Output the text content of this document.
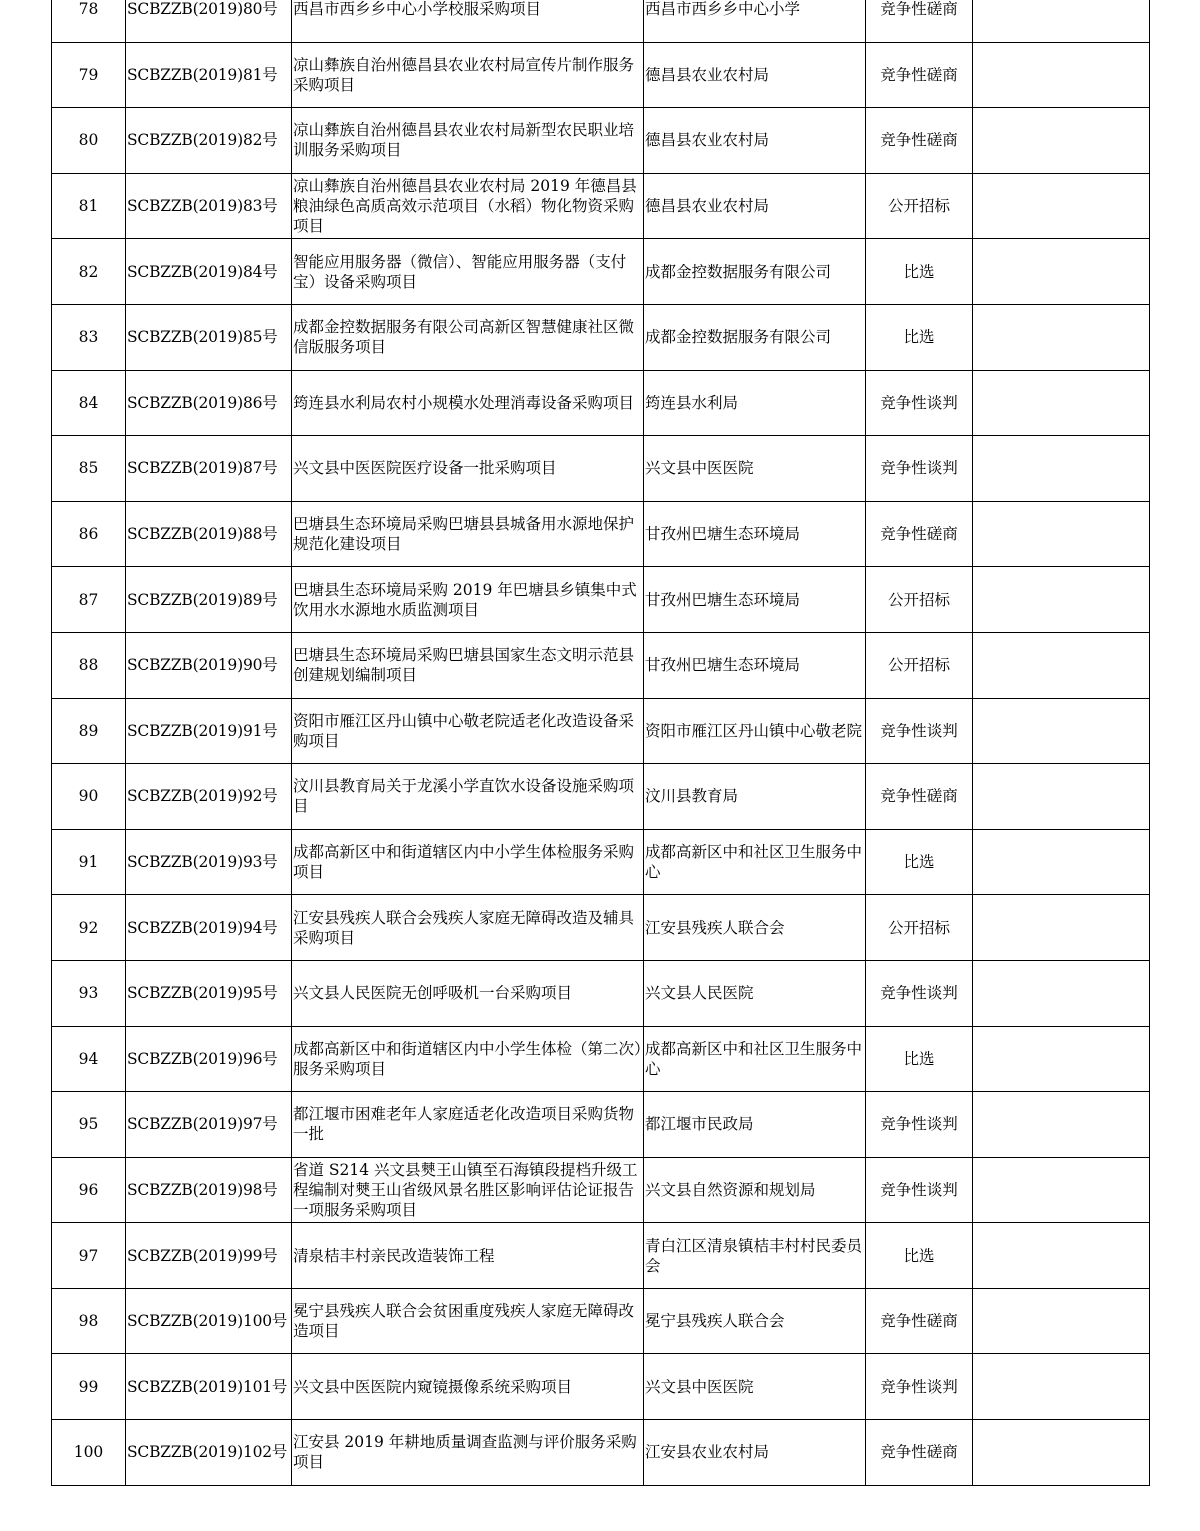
78	SCBZZB(2019)80号	西昌市西乡乡中心小学校服采购项目	西昌市西乡乡中心小学	竞争性磋商	
79	SCBZZB(2019)81号	凉山彝族自治州德昌县农业农村局宣传片制作服务采购项目	德昌县农业农村局	竞争性磋商	
80	SCBZZB(2019)82号	凉山彝族自治州德昌县农业农村局新型农民职业培训服务采购项目	德昌县农业农村局	竞争性磋商	
81	SCBZZB(2019)83号	凉山彝族自治州德昌县农业农村局 2019 年德昌县粮油绿色高质高效示范项目（水稻）物化物资采购项目	德昌县农业农村局	公开招标	
82	SCBZZB(2019)84号	智能应用服务器（微信）、智能应用服务器（支付宝）设备采购项目	成都金控数据服务有限公司	比选	
83	SCBZZB(2019)85号	成都金控数据服务有限公司高新区智慧健康社区微信版服务项目	成都金控数据服务有限公司	比选	
84	SCBZZB(2019)86号	筠连县水利局农村小规模水处理消毒设备采购项目	筠连县水利局	竞争性谈判	
85	SCBZZB(2019)87号	兴文县中医医院医疗设备一批采购项目	兴文县中医医院	竞争性谈判	
86	SCBZZB(2019)88号	巴塘县生态环境局采购巴塘县县城备用水源地保护规范化建设项目	甘孜州巴塘生态环境局	竞争性磋商	
87	SCBZZB(2019)89号	巴塘县生态环境局采购 2019 年巴塘县乡镇集中式饮用水水源地水质监测项目	甘孜州巴塘生态环境局	公开招标	
88	SCBZZB(2019)90号	巴塘县生态环境局采购巴塘县国家生态文明示范县创建规划编制项目	甘孜州巴塘生态环境局	公开招标	
89	SCBZZB(2019)91号	资阳市雁江区丹山镇中心敬老院适老化改造设备采购项目	资阳市雁江区丹山镇中心敬老院	竞争性谈判	
90	SCBZZB(2019)92号	汶川县教育局关于龙溪小学直饮水设备设施采购项目	汶川县教育局	竞争性磋商	
91	SCBZZB(2019)93号	成都高新区中和街道辖区内中小学生体检服务采购项目	成都高新区中和社区卫生服务中心	比选	
92	SCBZZB(2019)94号	江安县残疾人联合会残疾人家庭无障碍改造及辅具采购项目	江安县残疾人联合会	公开招标	
93	SCBZZB(2019)95号	兴文县人民医院无创呼吸机一台采购项目	兴文县人民医院	竞争性谈判	
94	SCBZZB(2019)96号	成都高新区中和街道辖区内中小学生体检（第二次）服务采购项目	成都高新区中和社区卫生服务中心	比选	
95	SCBZZB(2019)97号	都江堰市困难老年人家庭适老化改造项目采购货物一批	都江堰市民政局	竞争性谈判	
96	SCBZZB(2019)98号	省道 S214 兴文县僰王山镇至石海镇段提档升级工程编制对僰王山省级风景名胜区影响评估论证报告一项服务采购项目	兴文县自然资源和规划局	竞争性谈判	
97	SCBZZB(2019)99号	清泉桔丰村亲民改造装饰工程	青白江区清泉镇桔丰村村民委员会	比选	
98	SCBZZB(2019)100号	冕宁县残疾人联合会贫困重度残疾人家庭无障碍改造项目	冕宁县残疾人联合会	竞争性磋商	
99	SCBZZB(2019)101号	兴文县中医医院内窥镜摄像系统采购项目	兴文县中医医院	竞争性谈判	
100	SCBZZB(2019)102号	江安县 2019 年耕地质量调查监测与评价服务采购项目	江安县农业农村局	竞争性磋商	
